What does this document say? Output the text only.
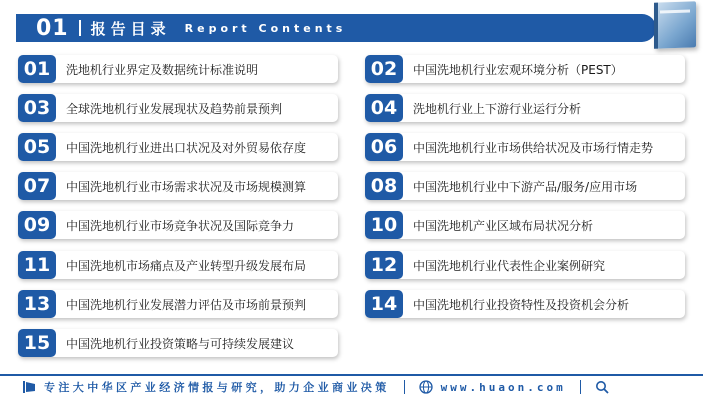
01 报告目录 Report Contents
01	洗地机行业界定及数据统计标准说明	02	中国洗地机行业宏观环境分析（PEST）
03	全球洗地机行业发展现状及趋势前景预判	04	洗地机行业上下游行业运行分析
05	中国洗地机行业进出口状况及对外贸易依存度	06	中国洗地机行业市场供给状况及市场行情走势
07	中国洗地机行业市场需求状况及市场规模测算	08	中国洗地机行业中下游产品/服务/应用市场
09	中国洗地机行业市场竞争状况及国际竞争力	10	中国洗地机产业区域布局状况分析
11	中国洗地机市场痛点及产业转型升级发展布局	12	中国洗地机行业代表性企业案例研究
13	中国洗地机行业发展潜力评估及市场前景预判	14	中国洗地机行业投资特性及投资机会分析
15	中国洗地机行业投资策略与可持续发展建议
专注大中华区产业经济情报与研究，助力企业商业决策	www.huaon.com
